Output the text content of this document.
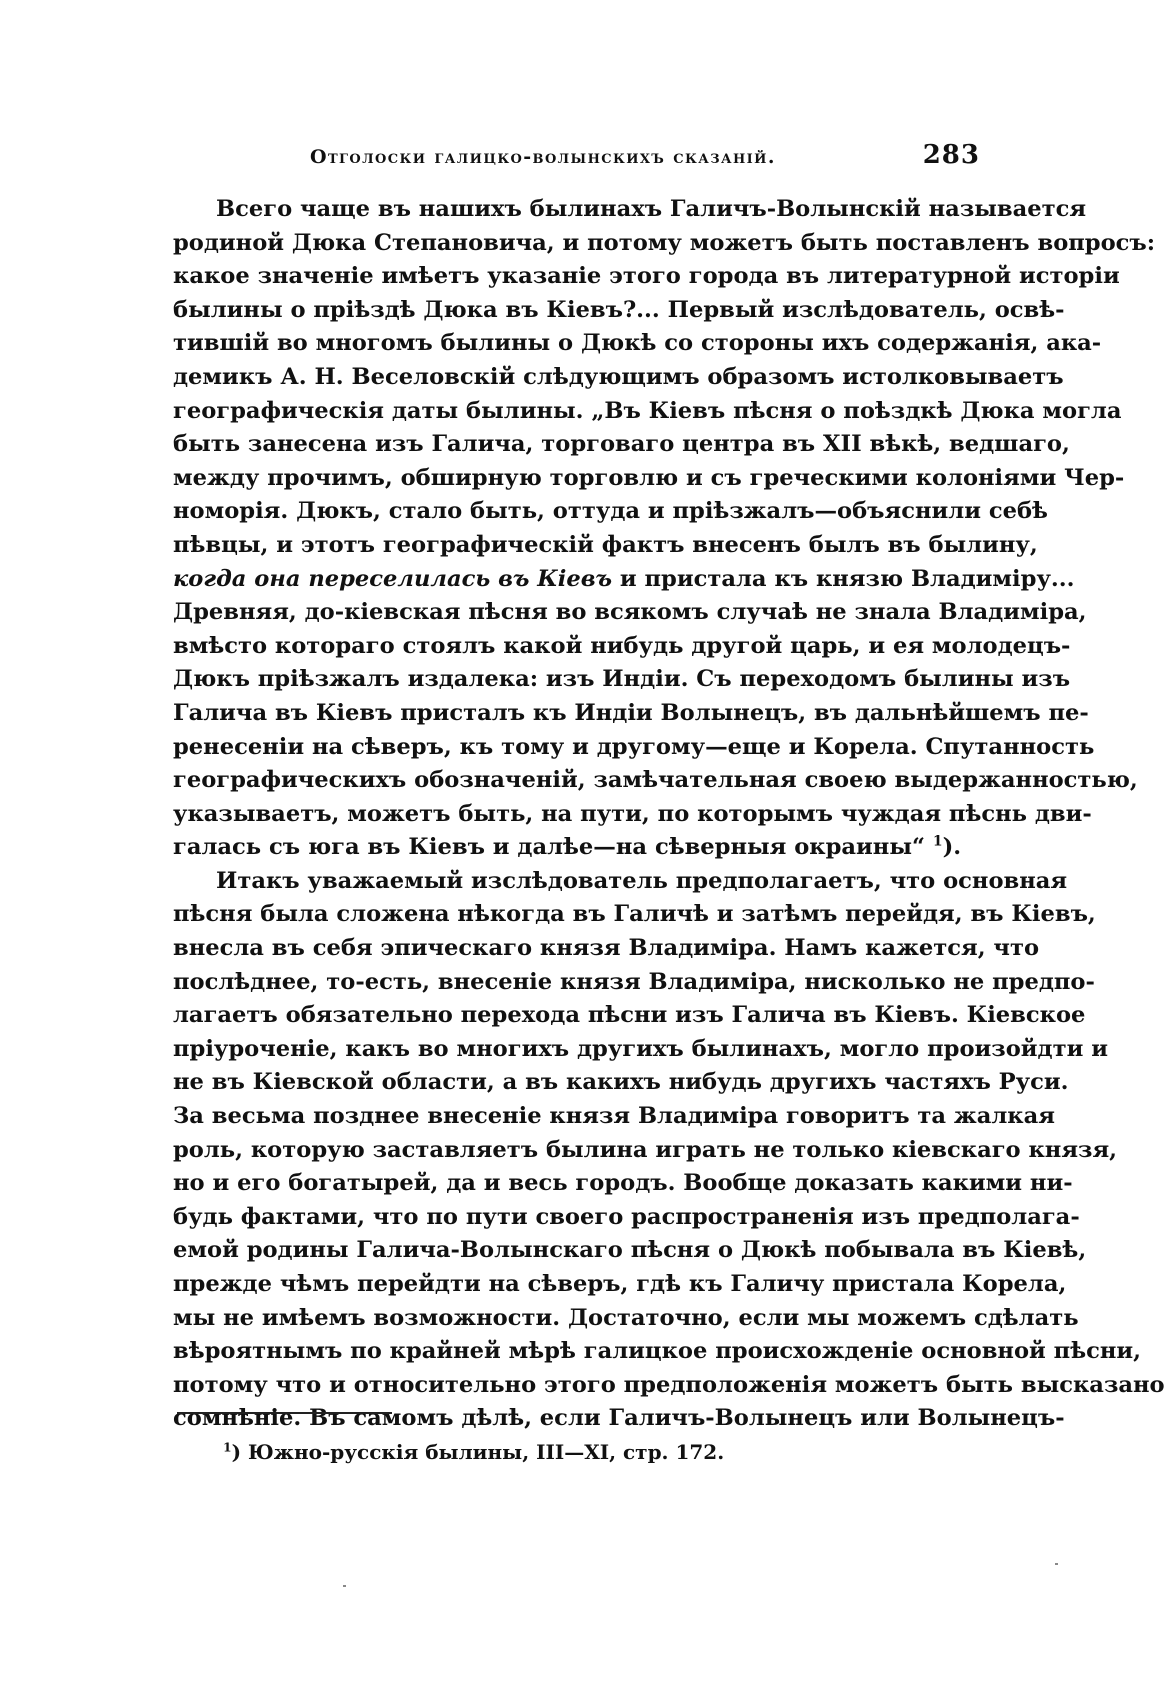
Отголоски галицко-волынскихъ сказаній.	283
Всего чаще въ нашихъ былинахъ Галичъ-Волынскій называется
родиной Дюка Степановича, и потому можетъ быть поставленъ вопросъ:
какое значеніе имѣетъ указаніе этого города въ литературной исторіи
былины о пріѣздѣ Дюка въ Кіевъ?... Первый изслѣдователь, освѣ-
тившій во многомъ былины о Дюкѣ со стороны ихъ содержанія, ака-
демикъ А. Н. Веселовскій слѣдующимъ образомъ истолковываетъ
географическія даты былины. „Въ Кіевъ пѣсня о поѣздкѣ Дюка могла
быть занесена изъ Галича, торговаго центра въ XII вѣкѣ, ведшаго,
между прочимъ, обширную торговлю и съ греческими колоніями Чер-
номорія. Дюкъ, стало быть, оттуда и пріѣзжалъ—объяснили себѣ
пѣвцы, и этотъ географическій фактъ внесенъ былъ въ былину,
когда она переселилась въ Кіевъ и пристала къ князю Владиміру...
Древняя, до-кіевская пѣсня во всякомъ случаѣ не знала Владиміра,
вмѣсто котораго стоялъ какой нибудь другой царь, и ея молодецъ-
Дюкъ пріѣзжалъ издалека: изъ Индіи. Съ переходомъ былины изъ
Галича въ Кіевъ присталъ къ Индіи Волынецъ, въ дальнѣйшемъ пе-
ренесеніи на сѣверъ, къ тому и другому—еще и Корела. Спутанность
географическихъ обозначеній, замѣчательная своею выдержанностью,
указываетъ, можетъ быть, на пути, по которымъ чуждая пѣснь дви-
галась съ юга въ Кіевъ и далѣе—на сѣверныя окраины“ $^1$).
Итакъ уважаемый изслѣдователь предполагаетъ, что основная
пѣсня была сложена нѣкогда въ Галичѣ и затѣмъ перейдя, въ Кіевъ,
внесла въ себя эпическаго князя Владиміра. Намъ кажется, что
послѣднее, то-есть, внесеніе князя Владиміра, нисколько не предпо-
лагаетъ обязательно перехода пѣсни изъ Галича въ Кіевъ. Кіевское
пріуроченіе, какъ во многихъ другихъ былинахъ, могло произойдти и
не въ Кіевской области, а въ какихъ нибудь другихъ частяхъ Руси.
За весьма позднее внесеніе князя Владиміра говоритъ та жалкая
роль, которую заставляетъ былина играть не только кіевскаго князя,
но и его богатырей, да и весь городъ. Вообще доказать какими ни-
будь фактами, что по пути своего распространенія изъ предполага-
емой родины Галича-Волынскаго пѣсня о Дюкѣ побывала въ Кіевѣ,
прежде чѣмъ перейдти на сѣверъ, гдѣ къ Галичу пристала Корела,
мы не имѣемъ возможности. Достаточно, если мы можемъ сдѣлать
вѣроятнымъ по крайней мѣрѣ галицкое происхожденіе основной пѣсни,
потому что и относительно этого предположенія можетъ быть высказано
сомнѣніе. Въ самомъ дѣлѣ, если Галичъ-Волынецъ или Волынецъ-
$^1$) Южно-русскія былины, III—XI, стр. 172.
